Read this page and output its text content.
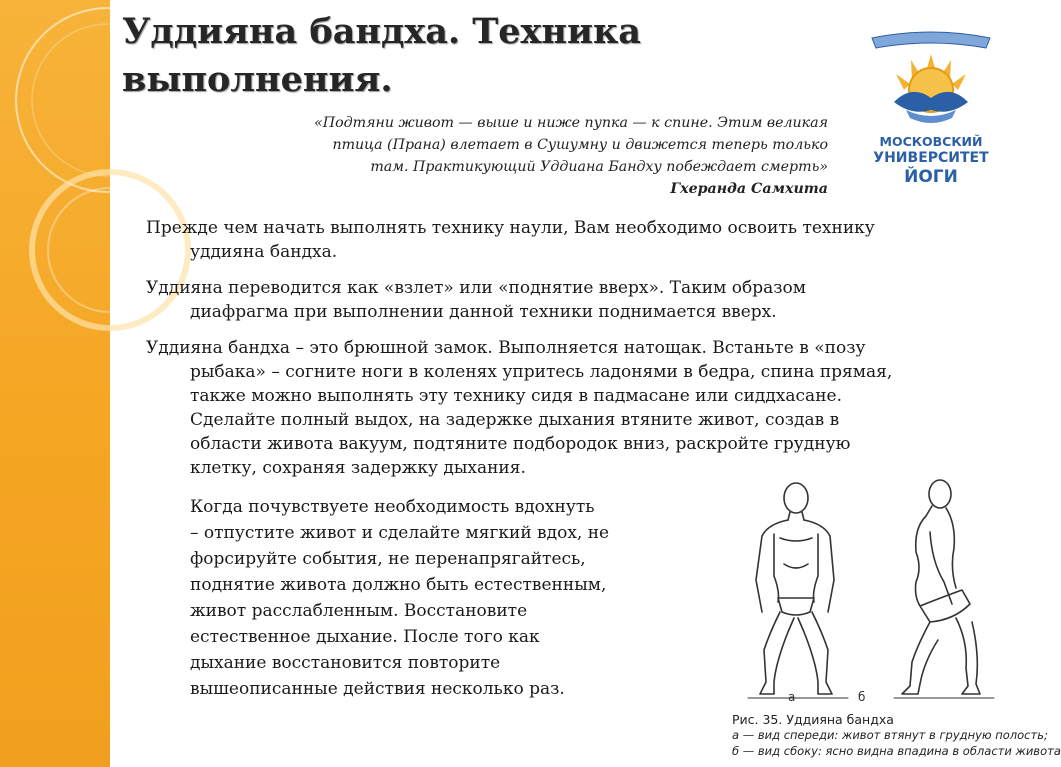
Уддияна бандха. Техника
выполнения.
«Подтяни живот — выше и ниже пупка — к спине. Этим великая
птица (Прана) влетает в Сушумну и движется теперь только
там. Практикующий Уддиана Бандху побеждает смерть»
Гхеранда Самхита
МОСКОВСКИЙ
УНИВЕРСИТЕТ
ЙОГИ

Прежде чем начать выполнять технику наули, Вам необходимо освоить технику
уддияна бандха.

Уддияна переводится как «взлет» или «поднятие вверх». Таким образом
диафрагма при выполнении данной техники поднимается вверх.

Уддияна бандха – это брюшной замок. Выполняется натощак. Встаньте в «позу
рыбака» – согните ноги в коленях упритесь ладонями в бедра, спина прямая,
также можно выполнять эту технику сидя в падмасане или сиддхасане.
Сделайте полный выдох, на задержке дыхания втяните живот, создав в
области живота вакуум, подтяните подбородок вниз, раскройте грудную
клетку, сохраняя задержку дыхания.

Когда почувствуете необходимость вдохнуть
– отпустите живот и сделайте мягкий вдох, не
форсируйте события, не перенапрягайтесь,
поднятие живота должно быть естественным,
живот расслабленным. Восстановите
естественное дыхание. После того как
дыхание восстановится повторите
вышеописанные действия несколько раз.	а	б
Рис. 35. Уддияна бандха
а — вид спереди: живот втянут в грудную полость;
б — вид сбоку: ясно видна впадина в области живота
